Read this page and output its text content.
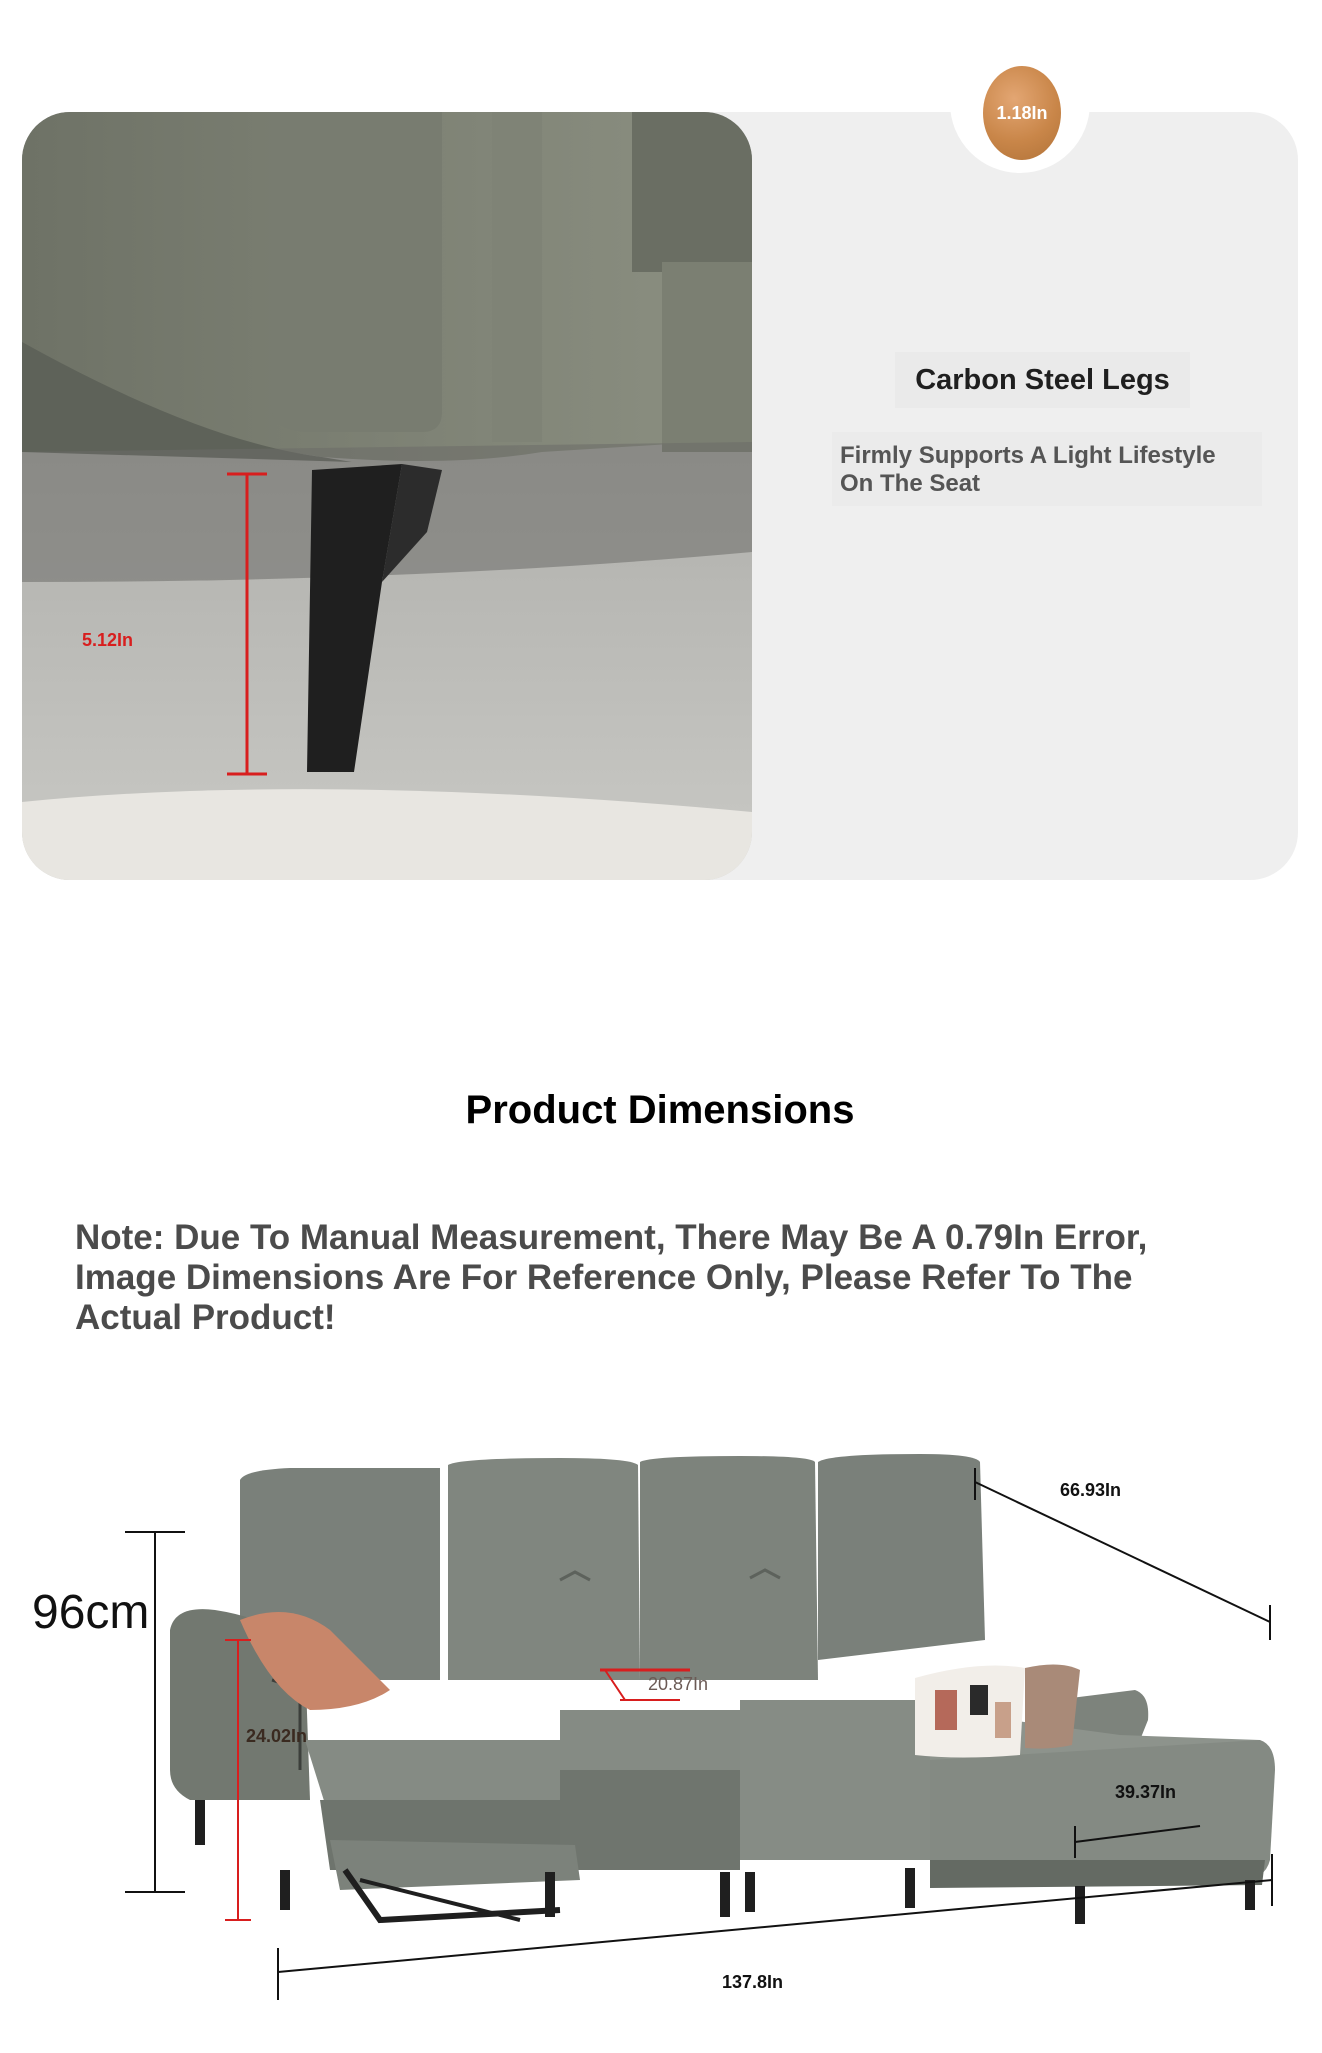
5.12In
1.18In
Carbon Steel Legs
Firmly Supports A Light Lifestyle
On The Seat
Product Dimensions
Note: Due To Manual Measurement, There May Be A 0.79In Error, Image Dimensions Are For Reference Only, Please Refer To The Actual Product!
96cm
24.02In
20.87In
66.93In
39.37In
137.8In
